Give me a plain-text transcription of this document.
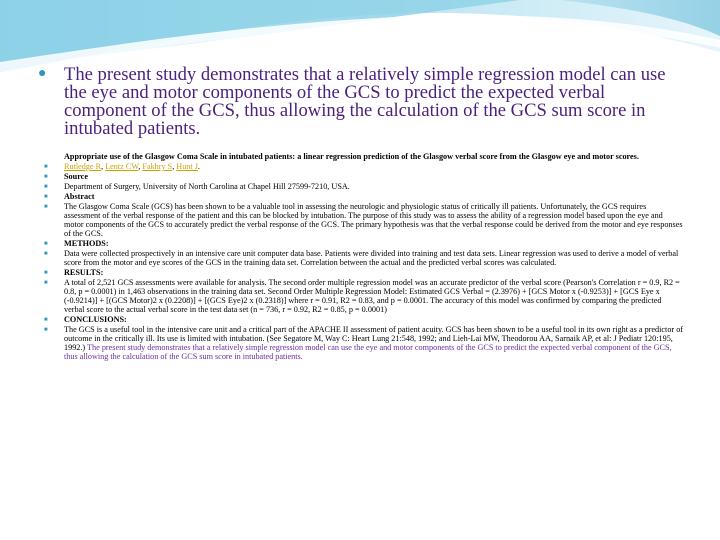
● The present study demonstrates that a relatively simple regression model can use the eye and motor components of the GCS to predict the expected verbal component of the GCS, thus allowing the calculation of the GCS sum score in intubated patients.
Appropriate use of the Glasgow Coma Scale in intubated patients: a linear regression prediction of the Glasgow verbal score from the Glasgow eye and motor scores.
■ Rutledge R, Lentz CW, Fakhry S, Hunt J.
■ Source
■ Department of Surgery, University of North Carolina at Chapel Hill 27599-7210, USA.
■ Abstract
■ The Glasgow Coma Scale (GCS) has been shown to be a valuable tool in assessing the neurologic and physiologic status of critically ill patients. Unfortunately, the GCS requires assessment of the verbal response of the patient and this can be blocked by intubation. The purpose of this study was to assess the ability of a regression model based upon the eye and motor components of the GCS to accurately predict the verbal response of the GCS. The primary hypothesis was that the verbal response could be derived from the motor and eye responses of the GCS.
■ METHODS:
■ Data were collected prospectively in an intensive care unit computer data base. Patients were divided into training and test data sets. Linear regression was used to derive a model of verbal score from the motor and eye scores of the GCS in the training data set. Correlation between the actual and the predicted verbal scores was calculated.
■ RESULTS:
■ A total of 2,521 GCS assessments were available for analysis. The second order multiple regression model was an accurate predictor of the verbal score (Pearson's Correlation r = 0.9, R2 = 0.8, p = 0.0001) in 1,463 observations in the training data set. Second Order Multiple Regression Model: Estimated GCS Verbal = (2.3976) + [GCS Motor x (-0.9253)] + [GCS Eye x (-0.9214)] + [(GCS Motor)2 x (0.2208)] + [(GCS Eye)2 x (0.2318)] where r = 0.91, R2 = 0.83, and p = 0.0001. The accuracy of this model was confirmed by comparing the predicted verbal score to the actual verbal score in the test data set (n = 736, r = 0.92, R2 = 0.85, p = 0.0001)
■ CONCLUSIONS:
■ The GCS is a useful tool in the intensive care unit and a critical part of the APACHE II assessment of patient acuity. GCS has been shown to be a useful tool in its own right as a predictor of outcome in the critically ill. Its use is limited with intubation. (See Segatore M, Way C: Heart Lung 21:548, 1992; and Lieh-Lai MW, Theodorou AA, Sarnaik AP, et al: J Pediatr 120:195, 1992.) The present study demonstrates that a relatively simple regression model can use the eye and motor components of the GCS to predict the expected verbal component of the GCS, thus allowing the calculation of the GCS sum score in intubated patients.
